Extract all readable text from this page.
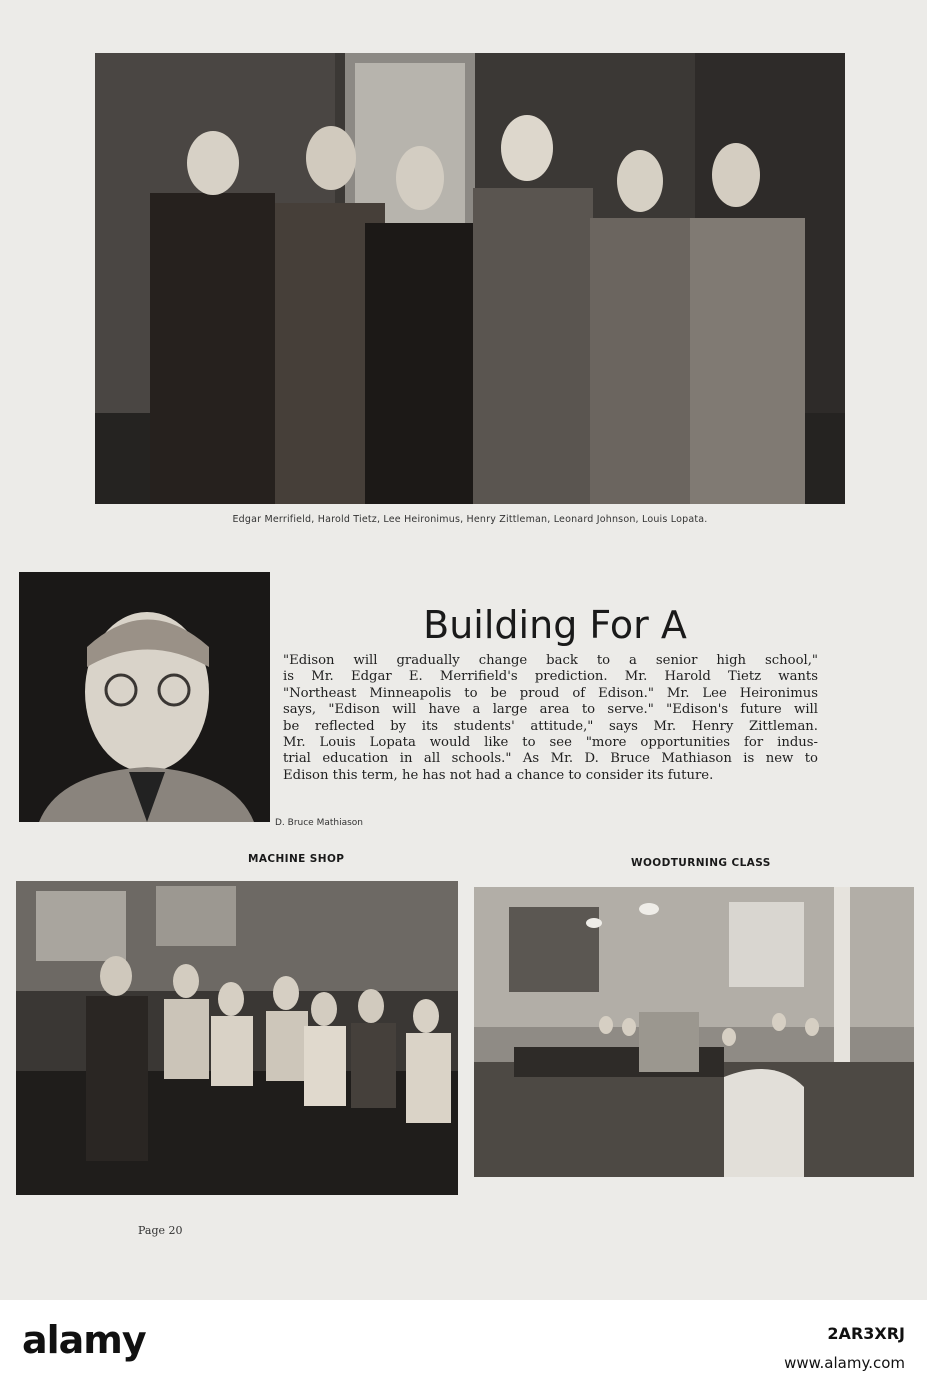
Edgar Merrifield, Harold Tietz, Lee Heironimus, Henry Zittleman, Leonard Johnson, Louis Lopata.
Building For A
"Edison will gradually change back to a senior high school,"
is Mr. Edgar E. Merrifield's prediction. Mr. Harold Tietz wants
"Northeast Minneapolis to be proud of Edison." Mr. Lee Heironimus
says, "Edison will have a large area to serve." "Edison's future will
be reflected by its students' attitude," says Mr. Henry Zittleman.
Mr. Louis Lopata would like to see "more opportunities for indus-
trial education in all schools." As Mr. D. Bruce Mathiason is new to
Edison this term, he has not had a chance to consider its future.
D. Bruce Mathiason
MACHINE SHOP	WOODTURNING CLASS
Page 20
alamy	2AR3XRJ
www.alamy.com
